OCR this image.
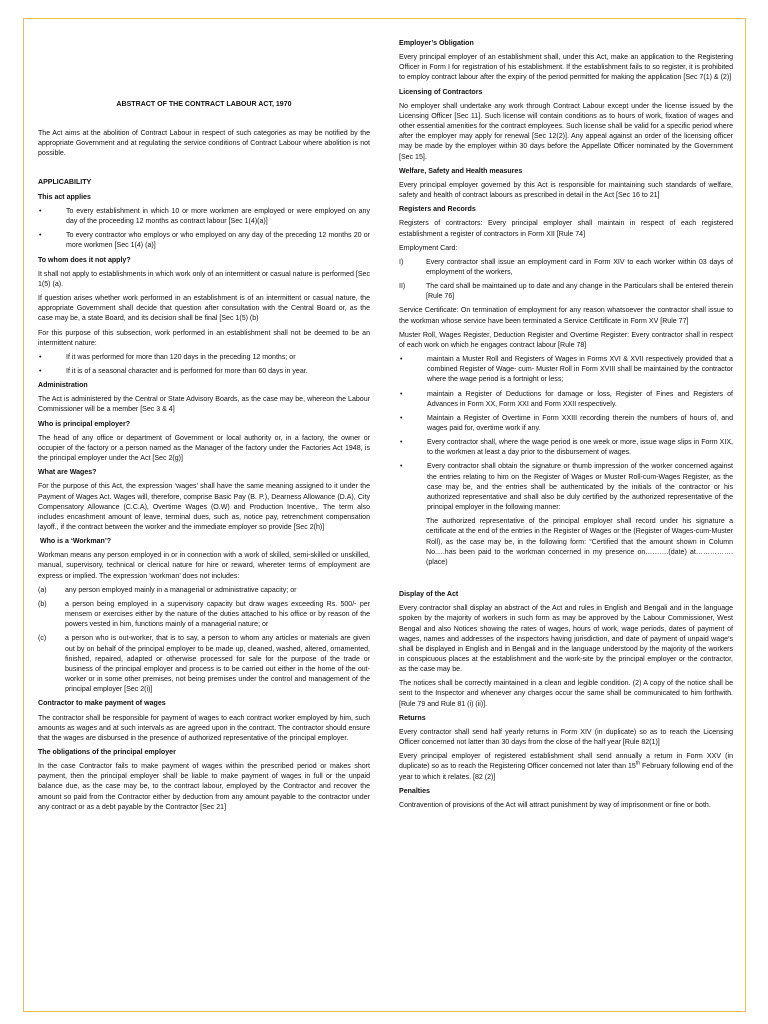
ABSTRACT OF THE CONTRACT LABOUR ACT, 1970

The Act aims at the abolition of Contract Labour in respect of such categories as may be notified by the appropriate Government and at regulating the service conditions of Contract Labour where abolition is not possible.

APPLICABILITY
This act applies
•	To every establishment in which 10 or more workmen are employed or were employed on any day of the proceeding 12 months as contract labour [Sec 1(4)(a)]
•	To every contractor who employs or who employed on any day of the preceding 12 months 20 or more workmen [Sec 1(4) (a)]
To whom does it not apply?

It shall not apply to establishments in which work only of an intermittent or casual nature is performed [Sec 1(5) (a).

If question arises whether work performed in an establishment is of an intermittent or casual nature, the appropriate Government shall decide that question after consultation with the Central Board or, as the case may be, a state Board, and its decision shall be final [Sec 1(5) (b)

For this purpose of this subsection, work performed in an establishment shall not be deemed to be an intermittent nature:

•	If it was performed for more than 120 days in the preceding 12 months; or
•	If it is of a seasonal character and is performed for more than 60 days in year.
Administration

The Act is administered by the Central or State Advisory Boards, as the case may be, whereon the Labour Commissioner will be a member [Sec 3 & 4]

Who is principal employer?

The head of any office or department of Government or local authority or, in a factory, the owner or occupier of the factory or a person named as the Manager of the factory under the Factories Act 1948, is the principal employer under the Act [Sec 2(g)]

What are Wages?

For the purpose of this Act, the expression ‘wages’ shall have the same meaning assigned to it under the Payment of Wages Act. Wages will, therefore, comprise Basic Pay (B. P.), Dearness Allowance (D.A), City Compensatory Allowance (C.C.A), Overtime Wages (O.W) and Production Incentive,. The term also includes encashment amount of leave, terminal dues, such as, notice pay, retrenchment compensation layoff., if the contract between the worker and the immediate employer so provide [Sec 2(h)]

Who is a ‘Workman’?

Workman means any person employed in or in connection with a work of skilled, semi-skilled or unskilled, manual, supervisory, technical or clerical nature for hire or reward, whereter terms of employment are express or implied. The expression ‘workman’ does not includes:

(a)	any person employed mainly in a managerial or administrative capacity; or
(b)	a person being employed in a supervisory capacity but draw wages exceeding Rs. 500/- per mensem or exercises either by the nature of the duties attached to his office or by reason of the powers vested in him, functions mainly of a managerial nature; or
(c)	a person who is out-worker, that is to say, a person to whom any articles or materials are given out by on behalf of the principal employer to be made up, cleaned, washed, altered, ornamented, finished, repaired, adapted or otherwise processed for sale for the purpose of the trade or business of the principal employer and process is to be carried out either in the home of the out-worker or in some other premises, not being premises under the control and management of the principal employer [Sec 2(i)]
Contractor to make payment of wages

The contractor shall be responsible for payment of wages to each contract worker employed by him, such amounts as wages and at such intervals as are agreed upon in the contract. The contractor should ensure that the wages are disbursed in the presence of authorized representative of the principal employer.

The obligations of the principal employer

In the case Contractor fails to make payment of wages within the prescribed period or makes short payment, then the principal employer shall be liable to make payment of wages in full or the unpaid balance due, as the case may be, to the contract labour, employed by the Contractor and recover the amount so paid from the Contractor either by deduction from any amount payable to the contractor under any contract or as a debt payable by the Contractor [Sec 21]

Employer’s Obligation

Every principal employer of an establishment shall, under this Act, make an application to the Registering Officer in Form I for registration of his establishment. If the establishment fails to so register, it is prohibited to employ contract labour after the expiry of the period permitted for making the application [Sec 7(1) & (2)]

Licensing of Contractors

No employer shall undertake any work through Contract Labour except under the license issued by the Licensing Officer [Sec 11]. Such license will contain conditions as to hours of work, fixation of wages and other essential amenities for the contract employees. Such license shall be valid for a specific period where after the employer may apply for renewal [Sec 12(2)]. Any appeal against an order of the licensing officer may be made by the employer within 30 days before the Appellate Officer nominated by the Government [Sec 15].

Welfare, Safety and Health measures

Every principal employer governed by this Act is responsible for maintaining such standards of welfare, safety and health of contract labours as prescribed in detail in the Act [Sec 16 to 21]

Registers and Records

Registers of contractors: Every principal employer shall maintain in respect of each registered establishment a register of contractors in Form XII [Rule 74]

Employment Card:

I)	Every contractor shall issue an employment card in Form XIV to each worker within 03 days of employment of the workers,
II)	The card shall be maintained up to date and any change in the Particulars shall be entered therein [Rule 76]

Service Certificate: On termination of employment for any reason whatsoever the contractor shall issue to the workman whose service have been terminated a Service Certificate in Form XV [Rule 77]

Muster Roll, Wages Register, Deduction Register and Overtime Register: Every contractor shall in respect of each work on which he engages contract labour [Rule 78]

•	maintain a Muster Roll and Registers of Wages in Forms XVI & XVII respectively provided that a combined Register of Wage- cum- Muster Roll in Form XVIII shall be maintained by the contractor where the wage period is a fortnight or less;
•	maintain a Register of Deductions for damage or loss, Register of Fines and Registers of Advances in Form XX, Form XXI and Form XXII respectively.
•	Maintain a Register of Overtime in Form XXIII recording therein the numbers of hours of, and wages paid for, overtime work if any.
•	Every contractor shall, where the wage period is one week or more, issue wage slips in Form XIX, to the workmen at least a day prior to the disbursement of wages.
•	Every contractor shall obtain the signature or thumb impression of the worker concerned against the entries relating to him on the Register of Wages or Muster Roll-cum-Wages Register, as the case may be, and the entries shall be authenticated by the initials of the contractor or his authorized representative and shall also be duly certified by the authorized representative of the principal employer in the following manner:

The authorized representative of the principal employer shall record under his signature a certificate at the end of the entries in the Register of Wages or the (Register of Wages-cum-Muster Roll), as the case may be, in the following form: “Certified that the amount shown in Column No.....has been paid to the workman concerned in my presence on……….(date) at…………….(place)

Display of the Act

Every contractor shall display an abstract of the Act and rules in English and Bengali and in the language spoken by the majority of workers in such form as may be approved by the Labour Commissioner, West Bengal and also Notices showing the rates of wages, hours of work, wage periods, dates of payment of wages, names and addresses of the inspectors having jurisdiction, and date of payment of unpaid wage’s shall be displayed in English and in Bengali and in the language understood by the majority of the workers in conspicuous places at the establishment and the work-site by the principal employer or the contractor, as the case may be.

The notices shall be correctly maintained in a clean and legible condition. (2) A copy of the notice shall be sent to the Inspector and whenever any charges occur the same shall be communicated to him forthwith. [Rule 79 and Rule 81 (i) (ii)].

Returns

Every contractor shall send half yearly returns in Form XIV (in duplicate) so as to reach the Licensing Officer concerned not latter than 30 days from the close of the half year [Rule 82(1)]

Every principal employer of registered establishment shall send annually a return in Form XXV (in duplicate) so as to reach the Registering Officer concerned not later than 15th February following end of the year to which it relates. [82 (2)]

Penalties

Contravention of provisions of the Act will attract punishment by way of imprisonment or fine or both.
